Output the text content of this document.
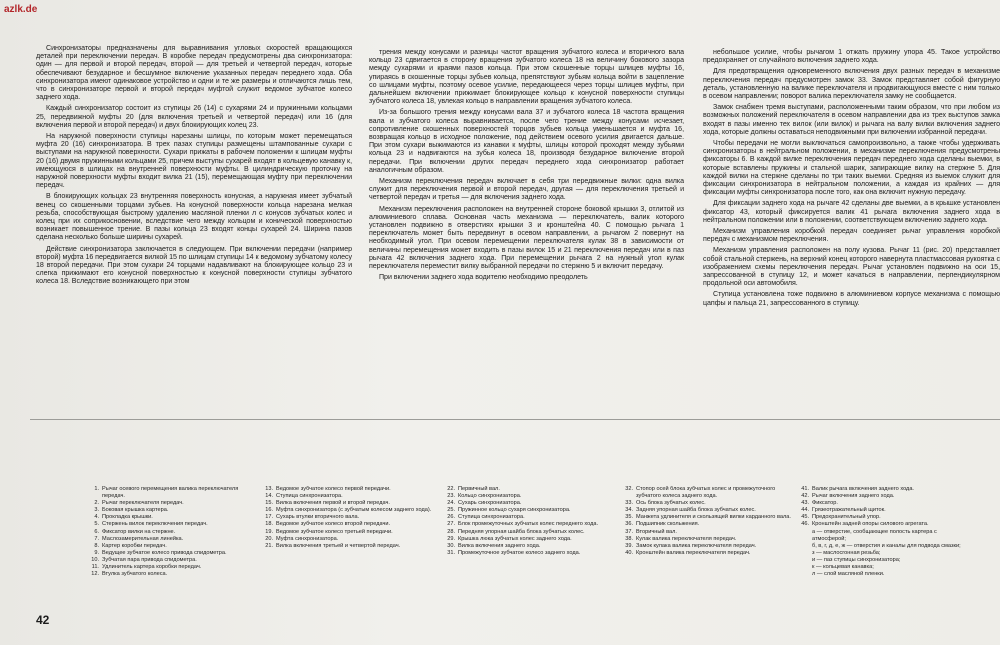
azlk.de

Синхронизаторы предназначены для выравнивания угловых скоростей вращающихся деталей при переключении передач. В коробке передач предусмотрены два синхронизатора: один — для первой и второй передач, второй — для третьей и четвертой передач, которые обеспечивают безударное и бесшумное включение указанных передач переднего хода. Оба синхронизатора имеют одинаковое устройство и одни и те же размеры и отличаются лишь тем, что в синхронизаторе первой и второй передач муфтой служит ведомое зубчатое колесо заднего хода.

Каждый синхронизатор состоит из ступицы 26 (14) с сухарями 24 и пружинными кольцами 25, передвижной муфты 20 (для включения третьей и четвертой передач) или 16 (для включения первой и второй передач) и двух блокирующих колец 23.

На наружной поверхности ступицы нарезаны шлицы, по которым может перемещаться муфта 20 (16) синхронизатора. В трех пазах ступицы размещены штампованные сухари с выступами на наружной поверхности. Сухари прижаты в рабочем положении к шлицам муфты 20 (16) двумя пружинными кольцами 25, причем выступы сухарей входят в кольцевую канавку к, имеющуюся в шлицах на внутренней поверхности муфты. В цилиндрическую проточку на наружной поверхности муфты входит вилка 21 (15), перемещающая муфту при переключении передач.

В блокирующих кольцах 23 внутренняя поверхность конусная, а наружная имеет зубчатый венец со скошенными торцами зубьев. На конусной поверхности кольца нарезана мелкая резьба, способствующая быстрому удалению масляной пленки л с конусов зубчатых колес и колец при их соприкосновении, вследствие чего между кольцом и конической поверхностью возникает повышенное трение. В пазы кольца 23 входят концы сухарей 24. Ширина пазов сделана несколько больше ширины сухарей.

Действие синхронизатора заключается в следующем. При включении передачи (например второй) муфта 16 передвигается вилкой 15 по шлицам ступицы 14 к ведомому зубчатому колесу 18 второй передачи. При этом сухари 24 торцами надавливают на блокирующее кольцо 23 и слегка прижимают его конусной поверхностью к конусной поверхности ступицы зубчатого колеса 18. Вследствие возникающего при этом

трения между конусами и разницы частот вращения зубчатого колеса и вторичного вала кольцо 23 сдвигается в сторону вращения зубчатого колеса 18 на величину бокового зазора между сухарями и краями пазов кольца. При этом скошенные торцы шлицев муфты 16, упираясь в скошенные торцы зубьев кольца, препятствуют зубьям кольца войти в зацепление со шлицами муфты, поэтому осевое усилие, передающееся через торцы шлицев муфты, при дальнейшем включении прижимает блокирующее кольцо к конусной поверхности ступицы зубчатого колеса 18, увлекая кольцо в направлении вращения зубчатого колеса.

Из-за большого трения между конусами вала 37 и зубчатого колеса 18 частота вращения вала и зубчатого колеса выравнивается, после чего трение между конусами исчезает, сопротивление скошенных поверхностей торцов зубьев кольца уменьшается и муфта 16, возвращая кольцо в исходное положение, под действием осевого усилия двигается дальше. При этом сухари выжимаются из канавки к муфты, шлицы которой проходят между зубьями кольца 23 и надвигаются на зубья колеса 18, производя безударное включение второй передачи. При включении других передач переднего хода синхронизатор работает аналогичным образом.

Механизм переключения передач включает в себя три передвижные вилки: одна вилка служит для переключения первой и второй передач, другая — для переключения третьей и четвертой передач и третья — для включения заднего хода.

Механизм переключения расположен на внутренней стороне боковой крышки 3, отлитой из алюминиевого сплава. Основная часть механизма — переключатель, валик которого установлен подвижно в отверстиях крышки 3 и кронштейна 40. С помощью рычага 1 переключатель может быть передвинут в осевом направлении, а рычагом 2 повернут на необходимый угол. При осевом перемещении переключателя кулак 38 в зависимости от величины перемещения может входить в пазы вилок 15 и 21 переключения передач или в паз рычага 42 включения заднего хода. При перемещении рычага 2 на нужный угол кулак переключателя переместит вилку выбранной передачи по стержню 5 и включит передачу.

При включении заднего хода водителю необходимо преодолеть

небольшое усилие, чтобы рычагом 1 отжать пружину упора 45. Такое устройство предохраняет от случайного включения заднего хода.

Для предотвращения одновременного включения двух разных передач в механизме переключения передач предусмотрен замок 33. Замок представляет собой фигурную деталь, установленную на валике переключателя и продвигающуюся вместе с ним только в осевом направлении; поворот валика переключателя замку не сообщается.

Замок снабжен тремя выступами, расположенными таким образом, что при любом из возможных положений переключателя в осевом направлении два из трех выступов замка входят в пазы именно тех вилок (или вилок) и рычага на валу вилки включения заднего хода, которые должны оставаться неподвижными при включении избранной передачи.

Чтобы передачи не могли выключаться самопроизвольно, а также чтобы удерживать синхронизаторы в нейтральном положении, в механизме переключения предусмотрены фиксаторы 6. В каждой вилке переключения передач переднего хода сделаны выемки, в которые вставлены пружины и стальной шарик, запирающие вилку на стержне 5. Для каждой вилки на стержне сделаны по три таких выемки. Средняя из выемок служит для фиксации синхронизатора в нейтральном положении, а каждая из крайних — для фиксации муфты синхронизатора после того, как она включит нужную передачу.

Для фиксации заднего хода на рычаге 42 сделаны две выемки, а в крышке установлен фиксатор 43, который фиксируется валик 41 рычага включения заднего хода в нейтральном положении или в положении, соответствующем включению заднего хода.

Механизм управления коробкой передач соединяет рычаг управления коробкой передач с механизмом переключения.

Механизм управления расположен на полу кузова. Рычаг 11 (рис. 20) представляет собой стальной стержень, на верхний конец которого навернута пластмассовая рукоятка с изображением схемы переключения передач. Рычаг установлен подвижно на оси 15, запрессованной в ступицу 12, и может качаться в направлении, перпендикулярном продольной оси автомобиля.

Ступица установлена тоже подвижно в алюминиевом корпусе механизма с помощью цапфы и пальца 21, запрессованного в ступицу.

1. Рычаг осевого перемещения валика переключателя передач.
2. Рычаг переключателя передач.
3. Боковая крышка картера.
4. Прокладка крышки.
5. Стержень вилок переключения передач.
6. Фиксатор вилки на стержне.
7. Маслозамерительная линейка.
8. Картер коробки передач.
9. Ведущее зубчатое колесо привода спидометра.
10. Зубчатая пара привода спидометра.
11. Удлинитель картера коробки передач.
12. Втулка зубчатого колеса.
13. Ведомое зубчатое колесо первой передачи.
14. Ступица синхронизатора.
15. Вилка включения первой и второй передач.
16. Муфта синхронизатора (с зубчатым колесом заднего хода).
17. Сухарь втулки вторичного вала.
18. Ведомое зубчатое колесо второй передачи.
19. Ведомое зубчатое колесо третьей передачи.
20. Муфта синхронизатора.
21. Вилка включения третьей и четвертой передач.
22. Первичный вал.
23. Кольцо синхронизатора.
24. Сухарь синхронизатора.
25. Пружинное кольцо сухаря синхронизатора.
26. Ступица синхронизатора.
27. Блок промежуточных зубчатых колес переднего хода.
28. Передняя упорная шайба блока зубчатых колес.
29. Крышка люка зубчатых колес заднего хода.
30. Вилка включения заднего хода.
31. Промежуточное зубчатое колесо заднего хода.
32. Стопор осей блока зубчатых колес и промежуточного зубчатого колеса заднего хода.
33. Ось блока зубчатых колес.
34. Задняя упорная шайба блока зубчатых колес.
35. Манжета удлинителя и скользящей вилки карданного вала.
36. Подшипник скольжения.
37. Вторичный вал.
38. Кулак валика переключателя передач.
39. Замок кулака валика переключателя передач.
40. Кронштейн валика переключателя передач.
41. Валик рычага включения заднего хода.
42. Рычаг включения заднего хода.
43. Фиксатор.
44. Грязеотражательный щиток.
45. Предохранительный упор.
46. Кронштейн задней опоры силового агрегата.
а — отверстие, сообщающее полость картера с атмосферой;
б, в, г, д, е, ж — отверстия и каналы для подвода смазки;
з — маслосгонная резьба;
и — паз ступицы синхронизатора;
к — кольцевая канавка;
л — слой масляной пленки.
42
